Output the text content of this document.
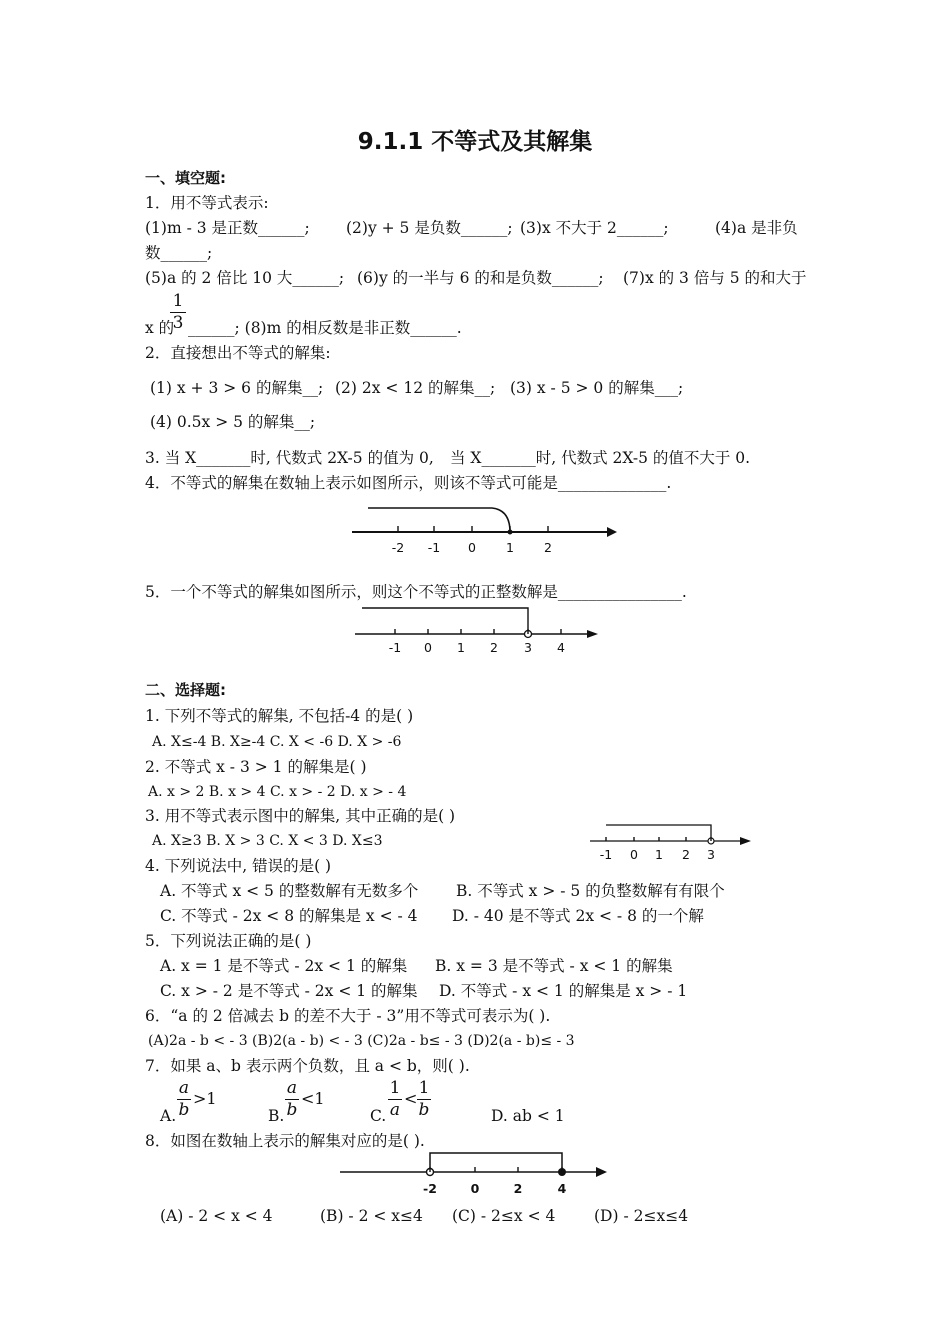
9.1.1 不等式及其解集
一、填空题:
1．用不等式表示:
(1)m - 3 是正数______; (2)y + 5 是负数______; (3)x 不大于 2______;	(4)a 是非负
数______;
(5)a 的 2 倍比 10 大______; (6)y 的一半与 6 的和是负数______; (7)x 的 3 倍与 5 的和大于
1
3
x 的 ______; (8)m 的相反数是非正数______.
2．直接想出不等式的解集:
(1) x + 3 > 6 的解集__; (2) 2x < 12 的解集__; (3) x - 5 > 0 的解集___;
(4) 0.5x > 5 的解集__;
3. 当 X_______时, 代数式 2X-5 的值为 0, 当 X_______时, 代数式 2X-5 的值不大于 0.
4．不等式的解集在数轴上表示如图所示，则该不等式可能是______________.
-2 -1 0 1 2
5．一个不等式的解集如图所示，则这个不等式的正整数解是________________.
-1 0 1 2 3 4
二、选择题:
1. 下列不等式的解集, 不包括-4 的是( )
A. X≤-4 B. X≥-4 C. X < -6 D. X > -6
2. 不等式 x - 3 > 1 的解集是( )
A. x > 2 B. x > 4 C. x > - 2 D. x > - 4
3. 用不等式表示图中的解集, 其中正确的是( )
A. X≥3 B. X > 3 C. X < 3 D. X≤3
-1 0 1 2 3
4. 下列说法中, 错误的是( )
A. 不等式 x < 5 的整数解有无数多个 B. 不等式 x > - 5 的负整数解有有限个
C. 不等式 - 2x < 8 的解集是 x < - 4 D. - 40 是不等式 2x < - 8 的一个解
5．下列说法正确的是( )
A. x = 1 是不等式 - 2x < 1 的解集 B. x = 3 是不等式 - x < 1 的解集
C. x > - 2 是不等式 - 2x < 1 的解集 D. 不等式 - x < 1 的解集是 x > - 1
6．“a 的 2 倍减去 b 的差不大于 - 3”用不等式可表示为( ).
(A)2a - b < - 3 (B)2(a - b) < - 3 (C)2a - b≤ - 3 (D)2(a - b)≤ - 3
7．如果 a、b 表示两个负数，且 a < b，则( ).
A.
a
b
>1
B.
a
b
<1
C.
1
a
<
1
b	D. ab < 1
8．如图在数轴上表示的解集对应的是( ).
-2	0	2	4
(A) - 2 < x < 4	(B) - 2 < x≤4 (C) - 2≤x < 4 (D) - 2≤x≤4
